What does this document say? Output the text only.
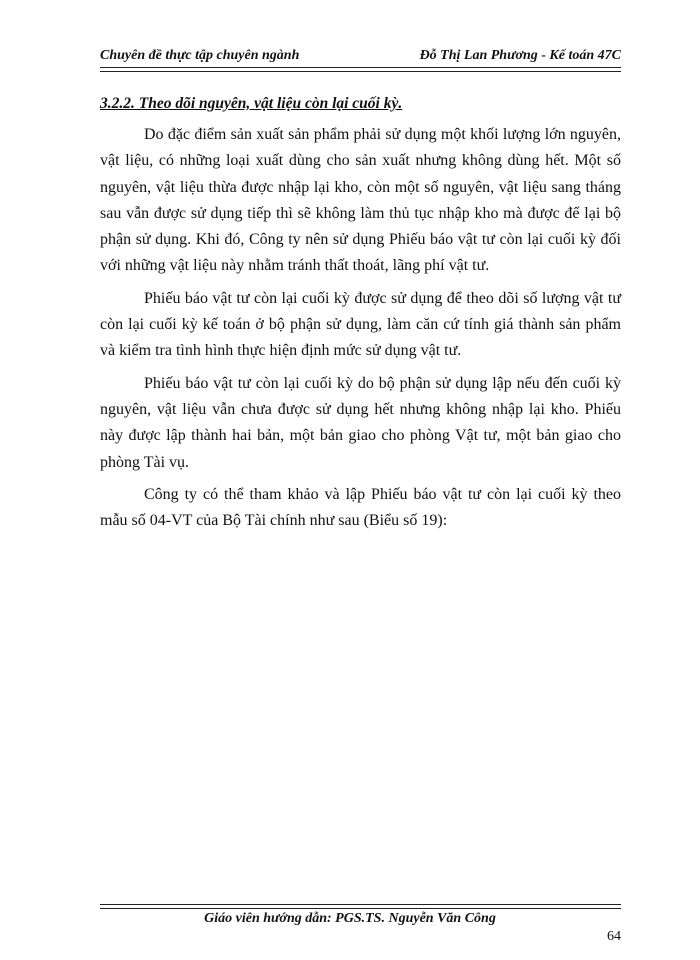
Chuyên đề thực tập chuyên ngành	Đỗ Thị Lan Phương - Kế toán 47C
3.2.2. Theo dõi nguyên, vật liệu còn lại cuối kỳ.

Do đặc điểm sản xuất sản phẩm phải sử dụng một khối lượng lớn nguyên, vật liệu, có những loại xuất dùng cho sản xuất nhưng không dùng hết. Một số nguyên, vật liệu thừa được nhập lại kho, còn một số nguyên, vật liệu sang tháng sau vẫn được sử dụng tiếp thì sẽ không làm thủ tục nhập kho mà được để lại bộ phận sử dụng. Khi đó, Công ty nên sử dụng Phiếu báo vật tư còn lại cuối kỳ đối với những vật liệu này nhằm tránh thất thoát, lãng phí vật tư.

Phiếu báo vật tư còn lại cuối kỳ được sử dụng để theo dõi số lượng vật tư còn lại cuối kỳ kế toán ở bộ phận sử dụng, làm căn cứ tính giá thành sản phẩm và kiểm tra tình hình thực hiện định mức sử dụng vật tư.

Phiếu báo vật tư còn lại cuối kỳ do bộ phận sử dụng lập nếu đến cuối kỳ nguyên, vật liệu vẫn chưa được sử dụng hết nhưng không nhập lại kho. Phiếu này được lập thành hai bản, một bản giao cho phòng Vật tư, một bản giao cho phòng Tài vụ.

Công ty có thể tham khảo và lập Phiếu báo vật tư còn lại cuối kỳ theo mẫu số 04-VT của Bộ Tài chính như sau (Biểu số 19):

Giáo viên hướng dẫn: PGS.TS. Nguyễn Văn Công
64
